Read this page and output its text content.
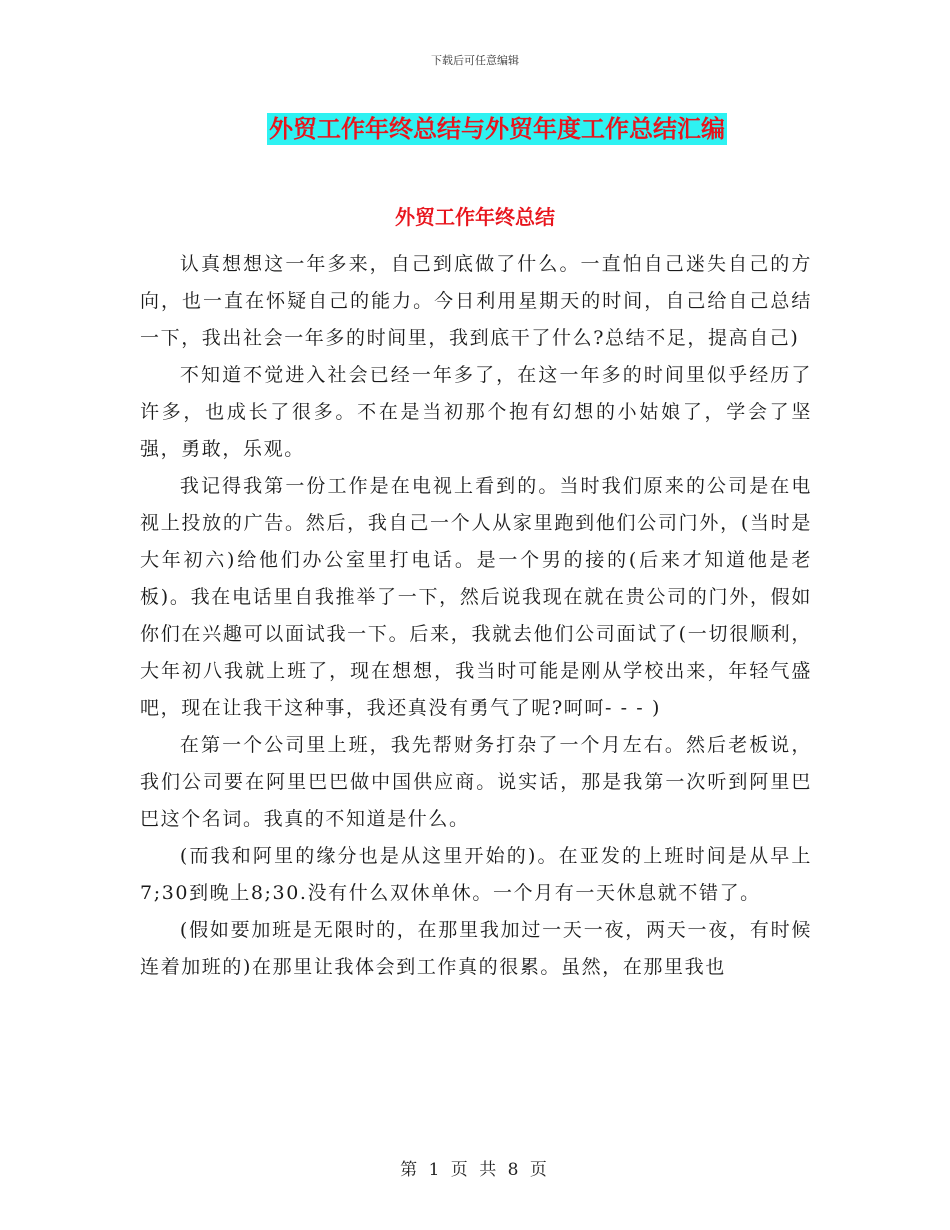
下载后可任意编辑
外贸工作年终总结与外贸年度工作总结汇编
外贸工作年终总结

认真想想这一年多来，自己到底做了什么。一直怕自己迷失自己的方向，也一直在怀疑自己的能力。今日利用星期天的时间，自己给自己总结一下，我出社会一年多的时间里，我到底干了什么?总结不足，提高自己)

不知道不觉进入社会已经一年多了，在这一年多的时间里似乎经历了许多，也成长了很多。不在是当初那个抱有幻想的小姑娘了，学会了坚强，勇敢，乐观。

我记得我第一份工作是在电视上看到的。当时我们原来的公司是在电视上投放的广告。然后，我自己一个人从家里跑到他们公司门外，(当时是大年初六)给他们办公室里打电话。是一个男的接的(后来才知道他是老板)。我在电话里自我推举了一下，然后说我现在就在贵公司的门外，假如你们在兴趣可以面试我一下。后来，我就去他们公司面试了(一切很顺利，大年初八我就上班了，现在想想，我当时可能是刚从学校出来，年轻气盛吧，现在让我干这种事，我还真没有勇气了呢?呵呵- - - )

在第一个公司里上班，我先帮财务打杂了一个月左右。然后老板说，我们公司要在阿里巴巴做中国供应商。说实话，那是我第一次听到阿里巴巴这个名词。我真的不知道是什么。

(而我和阿里的缘分也是从这里开始的)。在亚发的上班时间是从早上7;30到晚上8;30.没有什么双休单休。一个月有一天休息就不错了。

(假如要加班是无限时的，在那里我加过一天一夜，两天一夜，有时候连着加班的)在那里让我体会到工作真的很累。虽然，在那里我也

第 1 页 共 8 页
